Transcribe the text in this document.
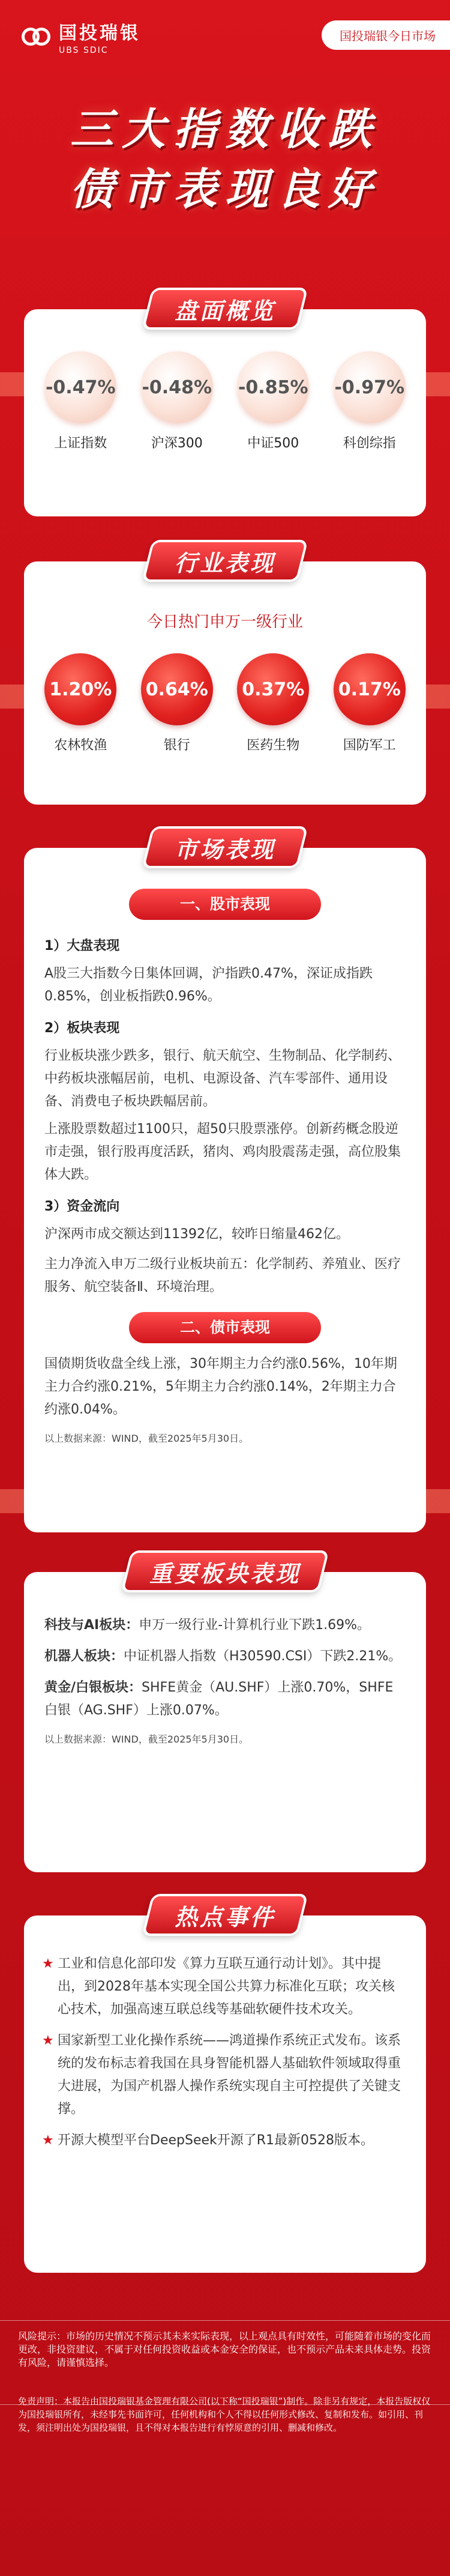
国投瑞银
UBS SDIC
国投瑞银今日市场
三大指数收跌
债市表现良好
盘面概览
-0.47%
上证指数
-0.48%
沪深300
-0.85%
中证500
-0.97%
科创综指
行业表现
今日热门申万一级行业
1.20%
农林牧渔
0.64%
银行
0.37%
医药生物
0.17%
国防军工
市场表现
一、股市表现
1）大盘表现
A股三大指数今日集体回调，沪指跌0.47%，深证成指跌0.85%，创业板指跌0.96%。
2）板块表现
行业板块涨少跌多，银行、航天航空、生物制品、化学制药、中药板块涨幅居前，电机、电源设备、汽车零部件、通用设备、消费电子板块跌幅居前。
上涨股票数超过1100只，超50只股票涨停。创新药概念股逆市走强，银行股再度活跃，猪肉、鸡肉股震荡走强，高位股集体大跌。
3）资金流向
沪深两市成交额达到11392亿，较昨日缩量462亿。
主力净流入申万二级行业板块前五：化学制药、养殖业、医疗服务、航空装备Ⅱ、环境治理。
二、债市表现
国债期货收盘全线上涨，30年期主力合约涨0.56%，10年期主力合约涨0.21%，5年期主力合约涨0.14%，2年期主力合约涨0.04%。
以上数据来源：WIND，截至2025年5月30日。
重要板块表现
科技与AI板块：申万一级行业-计算机行业下跌1.69%。
机器人板块：中证机器人指数（H30590.CSI）下跌2.21%。
黄金/白银板块：SHFE黄金（AU.SHF）上涨0.70%，SHFE白银（AG.SHF）上涨0.07%。
以上数据来源：WIND，截至2025年5月30日。
热点事件
★ 工业和信息化部印发《算力互联互通行动计划》。其中提出，到2028年基本实现全国公共算力标准化互联；攻关核心技术，加强高速互联总线等基础软硬件技术攻关。
★ 国家新型工业化操作系统——鸿道操作系统正式发布。该系统的发布标志着我国在具身智能机器人基础软件领域取得重大进展，为国产机器人操作系统实现自主可控提供了关键支撑。
★ 开源大模型平台DeepSeek开源了R1最新0528版本。
风险提示：市场的历史情况不预示其未来实际表现，以上观点具有时效性，可能随着市场的变化而更改，非投资建议，不属于对任何投资收益或本金安全的保证，也不预示产品未来具体走势。投资有风险，请谨慎选择。
免责声明：本报告由国投瑞银基金管理有限公司(以下称“国投瑞银”)制作。除非另有规定，本报告版权仅为国投瑞银所有，未经事先书面许可，任何机构和个人不得以任何形式修改、复制和发布。如引用、刊发，须注明出处为国投瑞银，且不得对本报告进行有悖原意的引用、删减和修改。
